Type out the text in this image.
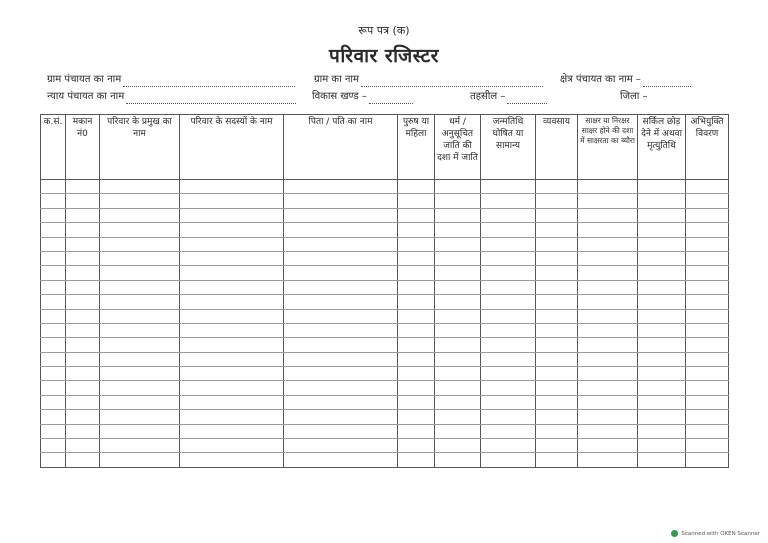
रूप पत्र (क)
परिवार रजिस्टर
ग्राम पंचायत का नाम	ग्राम का नाम	क्षेत्र पंचायत का नाम –
न्याय पंचायत का नाम	विकास खण्ड –	तहसील –	जिला –
क.सं.	मकान नं0	परिवार के प्रमुख का नाम	परिवार के सदस्यों के नाम	पिता / पति का नाम	पुरुष या महिला	धर्म / अनुसूचित जाति की दशा में जाति	जन्मतिथि घोषित या सामान्य	व्यवसाय	साक्षर या निरक्षर साक्षर होने की दशा में साक्षरता का ब्यौरा	सर्किल छोड़ देने में अथवा मृत्युतिथि	अभियुक्ति विवरण

Scanned with OKEN Scanner
